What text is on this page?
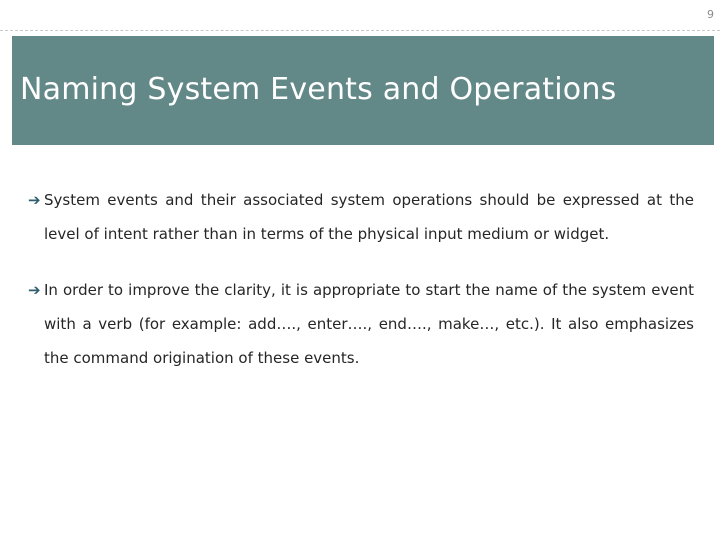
9
Naming System Events and Operations

➔ System events and their associated system operations should be expressed at the level of intent rather than in terms of the physical input medium or widget.

➔ In order to improve the clarity, it is appropriate to start the name of the system event with a verb (for example: add…., enter…., end…., make…, etc.). It also emphasizes the command origination of these events.
